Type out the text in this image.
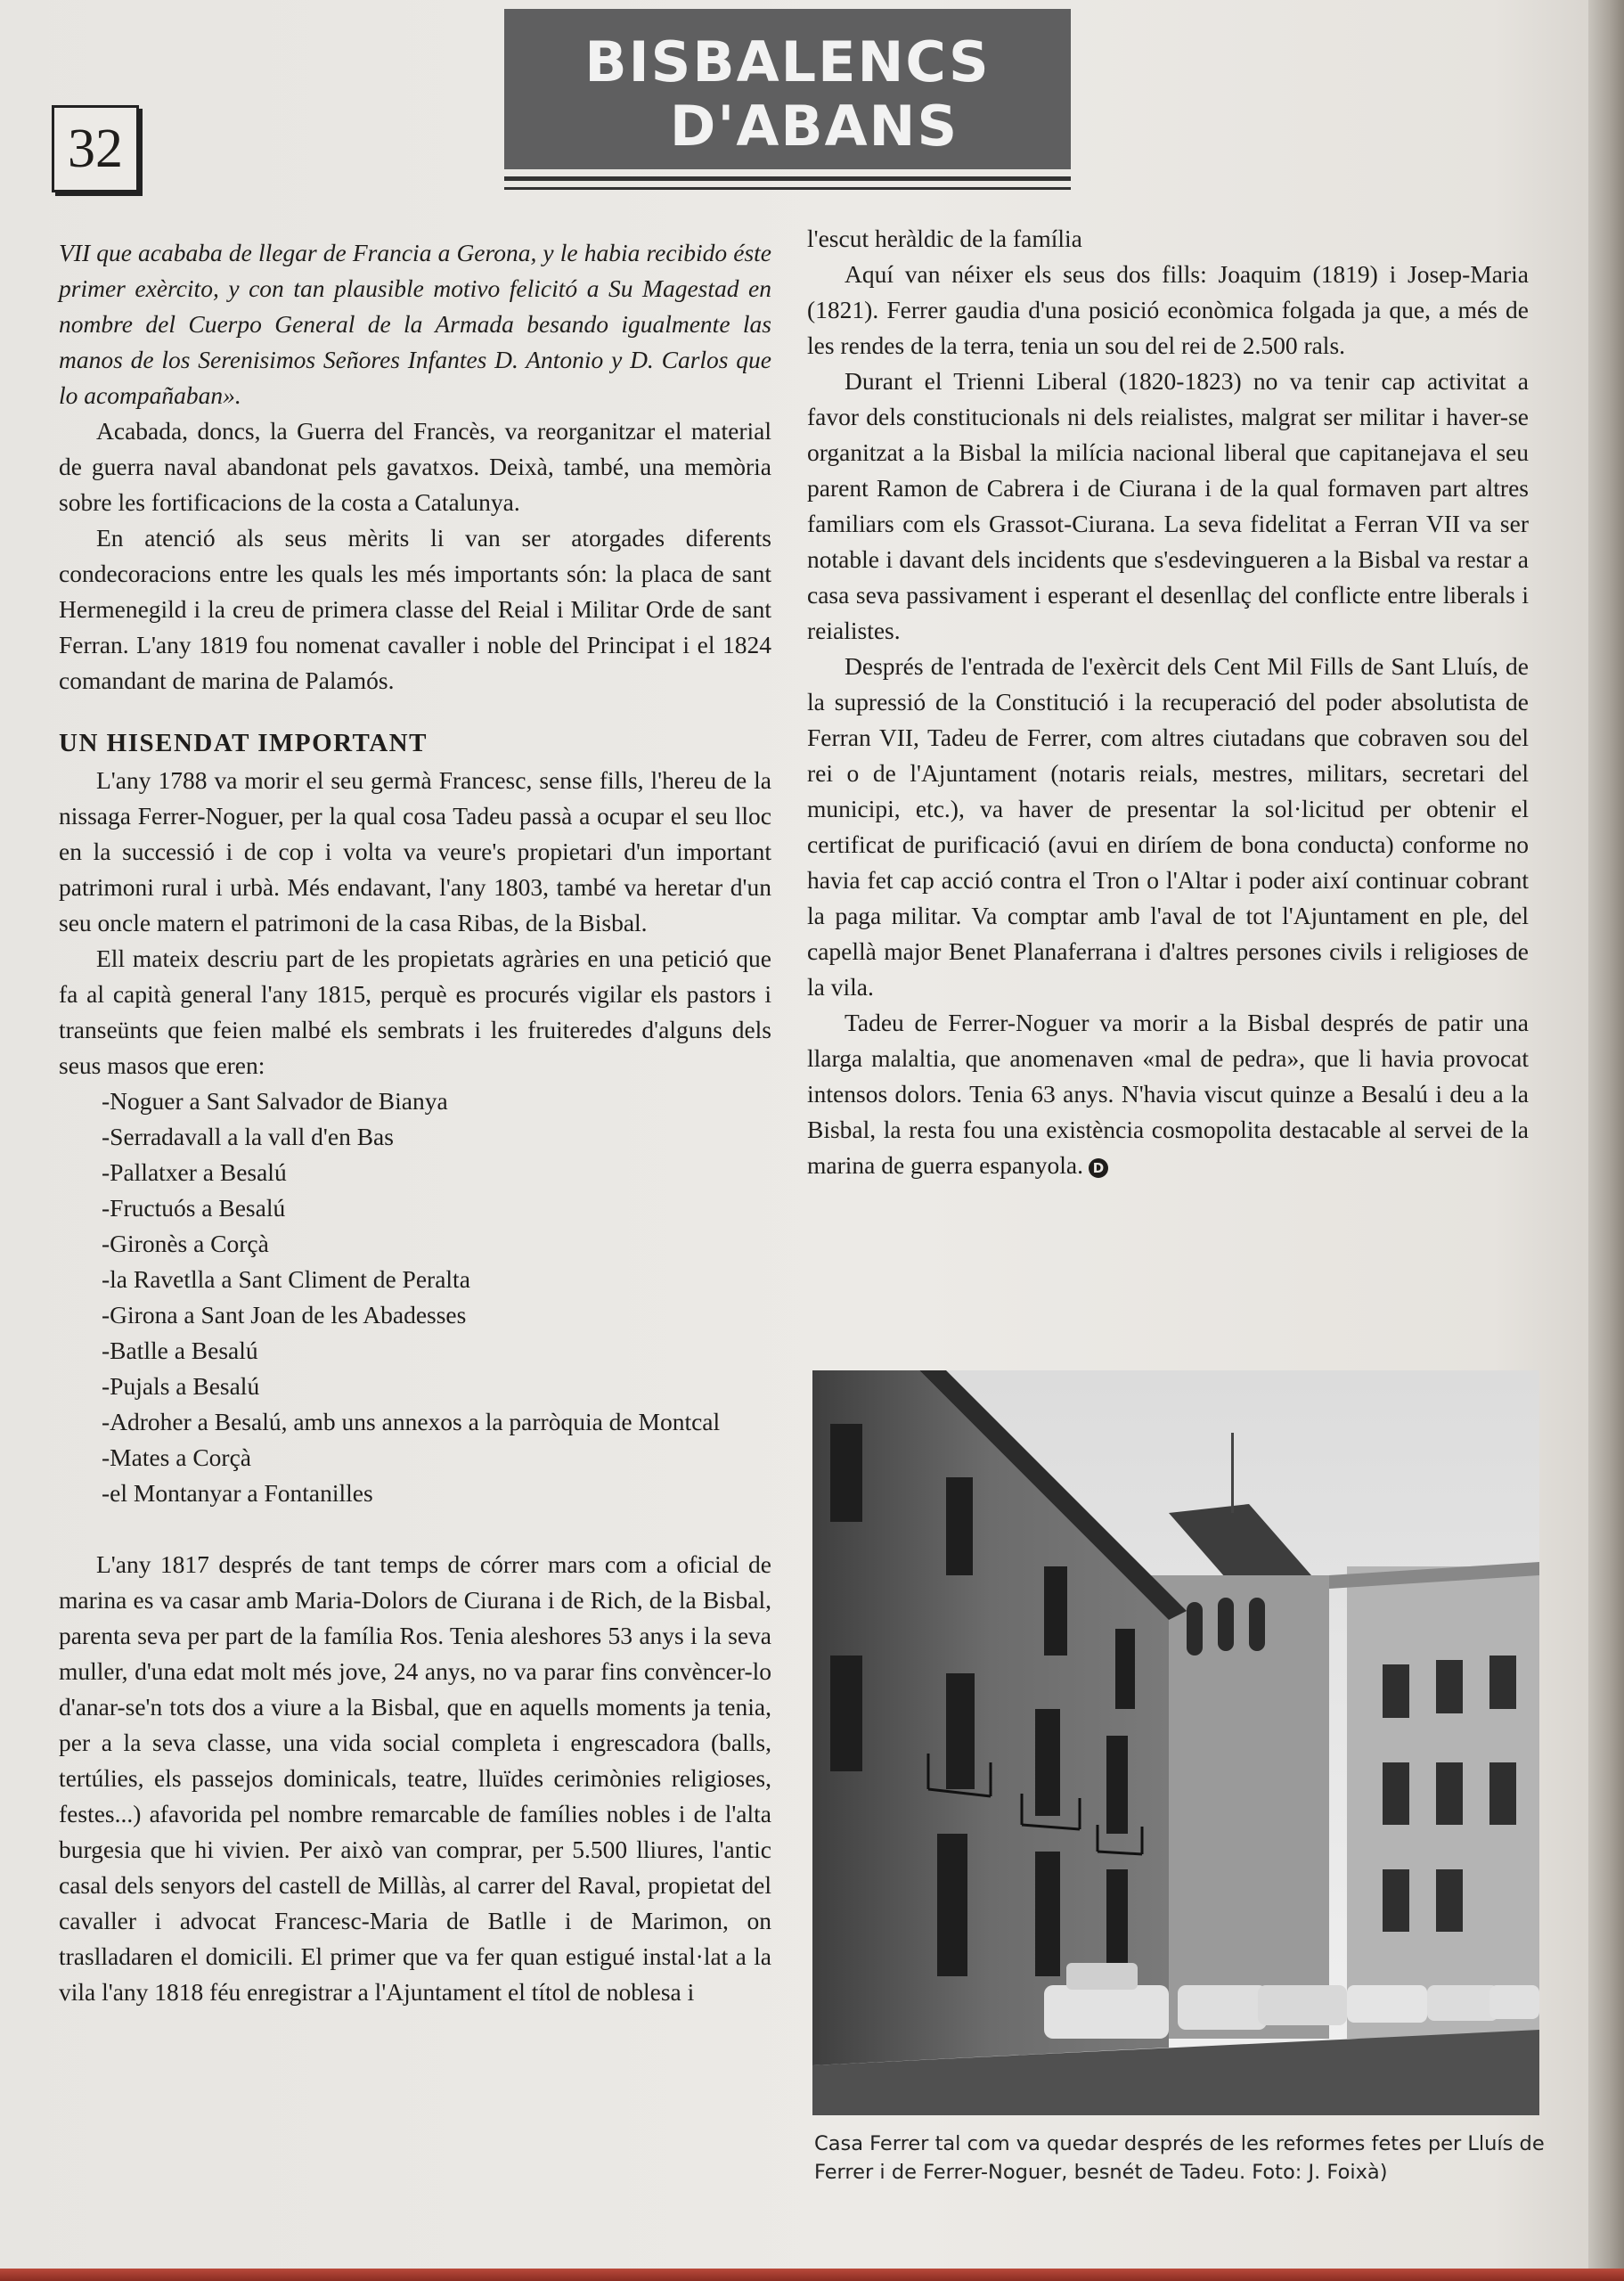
32
BISBALENCS
D'ABANS

VII que acababa de llegar de Francia a Gerona, y le habia recibido éste primer exèrcito, y con tan plausible motivo felicitó a Su Magestad en nombre del Cuerpo General de la Armada besando igualmente las manos de los Serenisimos Señores Infantes D. Antonio y D. Carlos que lo acompañaban».

Acabada, doncs, la Guerra del Francès, va reorganitzar el material de guerra naval abandonat pels gavatxos. Deixà, també, una memòria sobre les fortificacions de la costa a Catalunya.

En atenció als seus mèrits li van ser atorgades diferents condecoracions entre les quals les més importants són: la placa de sant Hermenegild i la creu de primera classe del Reial i Militar Orde de sant Ferran. L'any 1819 fou nomenat cavaller i noble del Principat i el 1824 comandant de marina de Palamós.

UN HISENDAT IMPORTANT

L'any 1788 va morir el seu germà Francesc, sense fills, l'hereu de la nissaga Ferrer-Noguer, per la qual cosa Tadeu passà a ocupar el seu lloc en la successió i de cop i volta va veure's propietari d'un important patrimoni rural i urbà. Més endavant, l'any 1803, també va heretar d'un seu oncle matern el patrimoni de la casa Ribas, de la Bisbal.

Ell mateix descriu part de les propietats agràries en una petició que fa al capità general l'any 1815, perquè es procurés vigilar els pastors i transeünts que feien malbé els sembrats i les fruiteredes d'alguns dels seus masos que eren:

-Noguer a Sant Salvador de Bianya
-Serradavall a la vall d'en Bas
-Pallatxer a Besalú
-Fructuós a Besalú
-Gironès a Corçà
-la Ravetlla a Sant Climent de Peralta
-Girona a Sant Joan de les Abadesses
-Batlle a Besalú
-Pujals a Besalú
-Adroher a Besalú, amb uns annexos a la parròquia de Montcal
-Mates a Corçà
-el Montanyar a Fontanilles

L'any 1817 després de tant temps de córrer mars com a oficial de marina es va casar amb Maria-Dolors de Ciurana i de Rich, de la Bisbal, parenta seva per part de la família Ros. Tenia aleshores 53 anys i la seva muller, d'una edat molt més jove, 24 anys, no va parar fins convèncer-lo d'anar-se'n tots dos a viure a la Bisbal, que en aquells moments ja tenia, per a la seva classe, una vida social completa i engrescadora (balls, tertúlies, els passejos dominicals, teatre, lluïdes cerimònies religioses, festes...) afavorida pel nombre remarcable de famílies nobles i de l'alta burgesia que hi vivien. Per això van comprar, per 5.500 lliures, l'antic casal dels senyors del castell de Millàs, al carrer del Raval, propietat del cavaller i advocat Francesc-Maria de Batlle i de Marimon, on traslladaren el domicili. El primer que va fer quan estigué instal·lat a la vila l'any 1818 féu enregistrar a l'Ajuntament el títol de noblesa i

l'escut heràldic de la família

Aquí van néixer els seus dos fills: Joaquim (1819) i Josep-Maria (1821). Ferrer gaudia d'una posició econòmica folgada ja que, a més de les rendes de la terra, tenia un sou del rei de 2.500 rals.

Durant el Trienni Liberal (1820-1823) no va tenir cap activitat a favor dels constitucionals ni dels reialistes, malgrat ser militar i haver-se organitzat a la Bisbal la milícia nacional liberal que capitanejava el seu parent Ramon de Cabrera i de Ciurana i de la qual formaven part altres familiars com els Grassot-Ciurana. La seva fidelitat a Ferran VII va ser notable i davant dels incidents que s'esdevingueren a la Bisbal va restar a casa seva passivament i esperant el desenllaç del conflicte entre liberals i reialistes.

Després de l'entrada de l'exèrcit dels Cent Mil Fills de Sant Lluís, de la supressió de la Constitució i la recuperació del poder absolutista de Ferran VII, Tadeu de Ferrer, com altres ciutadans que cobraven sou del rei o de l'Ajuntament (notaris reials, mestres, militars, secretari del municipi, etc.), va haver de presentar la sol·licitud per obtenir el certificat de purificació (avui en diríem de bona conducta) conforme no havia fet cap acció contra el Tron o l'Altar i poder així continuar cobrant la paga militar. Va comptar amb l'aval de tot l'Ajuntament en ple, del capellà major Benet Planaferrana i d'altres persones civils i religioses de la vila.

Tadeu de Ferrer-Noguer va morir a la Bisbal després de patir una llarga malaltia, que anomenaven «mal de pedra», que li havia provocat intensos dolors. Tenia 63 anys. N'havia viscut quinze a Besalú i deu a la Bisbal, la resta fou una existència cosmopolita destacable al servei de la marina de guerra espanyola. D

Casa Ferrer tal com va quedar després de les reformes fetes per Lluís de Ferrer i de Ferrer-Noguer, besnét de Tadeu. Foto: J. Foixà)
